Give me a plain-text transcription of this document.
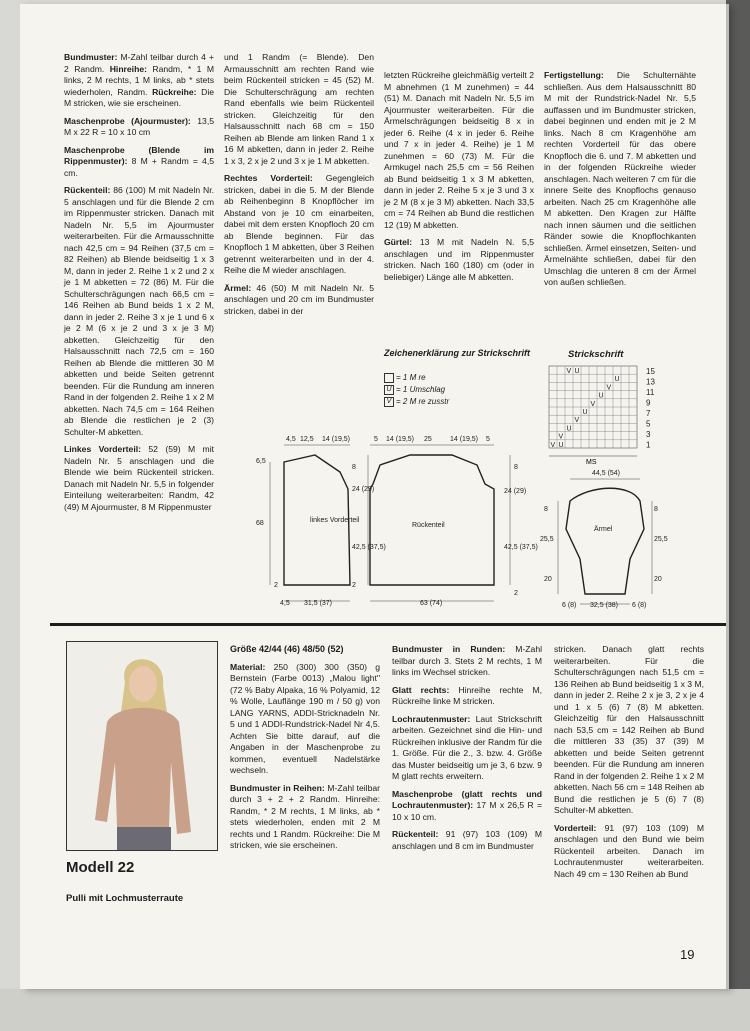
Bundmuster: M-Zahl teilbar durch 4 + 2 Randm. Hinreihe: Randm, * 1 M links, 2 M rechts, 1 M links, ab * stets wiederholen, Randm. Rückreihe: Die M stricken, wie sie erscheinen.

Maschenprobe (Ajourmuster): 13,5 M x 22 R = 10 x 10 cm

Maschenprobe (Blende im Rippenmuster): 8 M + Randm = 4,5 cm.

Rückenteil: 86 (100) M mit Nadeln Nr. 5 anschlagen und für die Blende 2 cm im Rippenmuster stricken. Danach mit Nadeln Nr. 5,5 im Ajourmuster weiterarbeiten. Für die Armausschnitte nach 42,5 cm = 94 Reihen (37,5 cm = 82 Reihen) ab Blende beidseitig 1 x 3 M, dann in jeder 2. Reihe 1 x 2 und 2 x je 1 M abketten = 72 (86) M. Für die Schulterschrägungen nach 66,5 cm = 146 Reihen ab Bund beids 1 x 2 M, dann in jeder 2. Reihe 3 x je 1 und 6 x je 2 M (6 x je 2 und 3 x je 3 M) abketten. Gleichzeitig für den Halsausschnitt nach 72,5 cm = 160 Reihen ab Blende die mittleren 30 M abketten und beide Seiten getrennt beenden. Für die Rundung am inneren Rand in der folgenden 2. Reihe 1 x 2 M abketten. Nach 74,5 cm = 164 Reihen ab Blende die restlichen je 2 (3) Schulter-M abketten.

Linkes Vorderteil: 52 (59) M mit Nadeln Nr. 5 anschlagen und die Blende wie beim Rückenteil stricken. Danach mit Nadeln Nr. 5,5 in folgender Einteilung weiterarbeiten: Randm, 42 (49) M Ajourmuster, 8 M Rippenmuster

und 1 Randm (= Blende). Den Armausschnitt am rechten Rand wie beim Rückenteil stricken = 45 (52) M. Die Schulterschrägung am rechten Rand ebenfalls wie beim Rückenteil stricken. Gleichzeitig für den Halsausschnitt nach 68 cm = 150 Reihen ab Blende am linken Rand 1 x 16 M abketten, dann in jeder 2. Reihe 1 x 3, 2 x je 2 und 3 x je 1 M abketten.

Rechtes Vorderteil: Gegengleich stricken, dabei in die 5. M der Blende ab Reihenbeginn 8 Knopflöcher im Abstand von je 10 cm einarbeiten, dabei mit dem ersten Knopfloch 20 cm ab Blende beginnen. Für das Knopfloch 1 M abketten, über 3 Reihen getrennt weiterarbeiten und in der 4. Reihe die M wieder anschlagen.

Ärmel: 46 (50) M mit Nadeln Nr. 5 anschlagen und 20 cm im Bundmuster stricken, dabei in der

letzten Rückreihe gleichmäßig verteilt 2 M abnehmen (1 M zunehmen) = 44 (51) M. Danach mit Nadeln Nr. 5,5 im Ajourmuster weiterarbeiten. Für die Ärmelschrägungen beidseitig 8 x in jeder 6. Reihe (4 x in jeder 6. Reihe und 7 x in jeder 4. Reihe) je 1 M zunehmen = 60 (73) M. Für die Armkugel nach 25,5 cm = 56 Reihen ab Bund beidseitig 1 x 3 M abketten, dann in jeder 2. Reihe 5 x je 3 und 3 x je 2 M (8 x je 3 M) abketten. Nach 33,5 cm = 74 Reihen ab Bund die restlichen 12 (19) M abketten.

Gürtel: 13 M mit Nadeln N. 5,5 anschlagen und im Rippenmuster stricken. Nach 160 (180) cm (oder in beliebiger) Länge alle M abketten.

Fertigstellung: Die Schulternähte schließen. Aus dem Halsausschnitt 80 M mit der Rundstrick-Nadel Nr. 5,5 auffassen und im Bundmuster stricken, dabei beginnen und enden mit je 2 M links. Nach 8 cm Kragenhöhe am rechten Vorderteil für das obere Knopfloch die 6. und 7. M abketten und in der folgenden Rückreihe wieder anschlagen. Nach weiteren 7 cm für die innere Seite des Knopflochs genauso arbeiten. Nach 25 cm Kragenhöhe alle M abketten. Den Kragen zur Hälfte nach innen säumen und die seitlichen Ränder sowie die Knopflochkanten schließen. Ärmel einsetzen, Seiten- und Ärmelnähte schließen, dabei für den Umschlag die unteren 8 cm der Ärmel von außen schließen.

Zeichenerklärung zur Strickschrift
= 1 M re
U = 1 Umschlag
V = 2 M re zusstr
Strickschrift
V U
U
V
U
V
U
V
U
V
V U
15
13
11
9
7
5
3
1
MS
linkes Vorderteil
Rückenteil
Ärmel
4,5 12,5 14 (19,5)	5 14 (19,5) 25	14 (19,5) 5
6,5
68
2
8
24 (29)
42,5 (37,5)
2
8
24 (29)
42,5 (37,5)
2
4,5 31,5 (37)	63 (74)
44,5 (54)
8
25,5
20
8
25,5
20
6 (8) 32,5 (38) 6 (8)
Modell 22
Pulli mit Lochmusterraute

Größe 42/44 (46) 48/50 (52)

Material: 250 (300) 300 (350) g Bernstein (Farbe 0013) „Malou light" (72 % Baby Alpaka, 16 % Polyamid, 12 % Wolle, Lauflänge 190 m / 50 g) von LANG YARNS, ADDI-Stricknadeln Nr. 5 und 1 ADDI-Rundstrick-Nadel Nr 4,5. Achten Sie bitte darauf, auf die Angaben in der Maschenprobe zu kommen, eventuell Nadelstärke wechseln.

Bundmuster in Reihen: M-Zahl teilbar durch 3 + 2 + 2 Randm. Hinreihe: Randm, * 2 M rechts, 1 M links, ab * stets wiederholen, enden mit 2 M rechts und 1 Randm. Rückreihe: Die M stricken, wie sie erscheinen.

Bundmuster in Runden: M-Zahl teilbar durch 3. Stets 2 M rechts, 1 M links im Wechsel stricken.

Glatt rechts: Hinreihe rechte M, Rückreihe linke M stricken.

Lochrautenmuster: Laut Strickschrift arbeiten. Gezeichnet sind die Hin- und Rückreihen inklusive der Randm für die 1. Größe. Für die 2., 3. bzw. 4. Größe das Muster beidseitig um je 3, 6 bzw. 9 M glatt rechts erweitern.

Maschenprobe (glatt rechts und Lochrautenmuster): 17 M x 26,5 R = 10 x 10 cm.

Rückenteil: 91 (97) 103 (109) M anschlagen und 8 cm im Bundmuster

stricken. Danach glatt rechts weiterarbeiten. Für die Schulterschrägungen nach 51,5 cm = 136 Reihen ab Bund beidseitig 1 x 3 M, dann in jeder 2. Reihe 2 x je 3, 2 x je 4 und 1 x 5 (6) 7 (8) M abketten. Gleichzeitig für den Halsausschnitt nach 53,5 cm = 142 Reihen ab Bund die mittleren 33 (35) 37 (39) M abketten und beide Seiten getrennt beenden. Für die Rundung am inneren Rand in der folgenden 2. Reihe 1 x 2 M abketten. Nach 56 cm = 148 Reihen ab Bund die restlichen je 5 (6) 7 (8) Schulter-M abketten.

Vorderteil: 91 (97) 103 (109) M anschlagen und den Bund wie beim Rückenteil arbeiten. Danach im Lochrautenmuster weiterarbeiten. Nach 49 cm = 130 Reihen ab Bund

19
